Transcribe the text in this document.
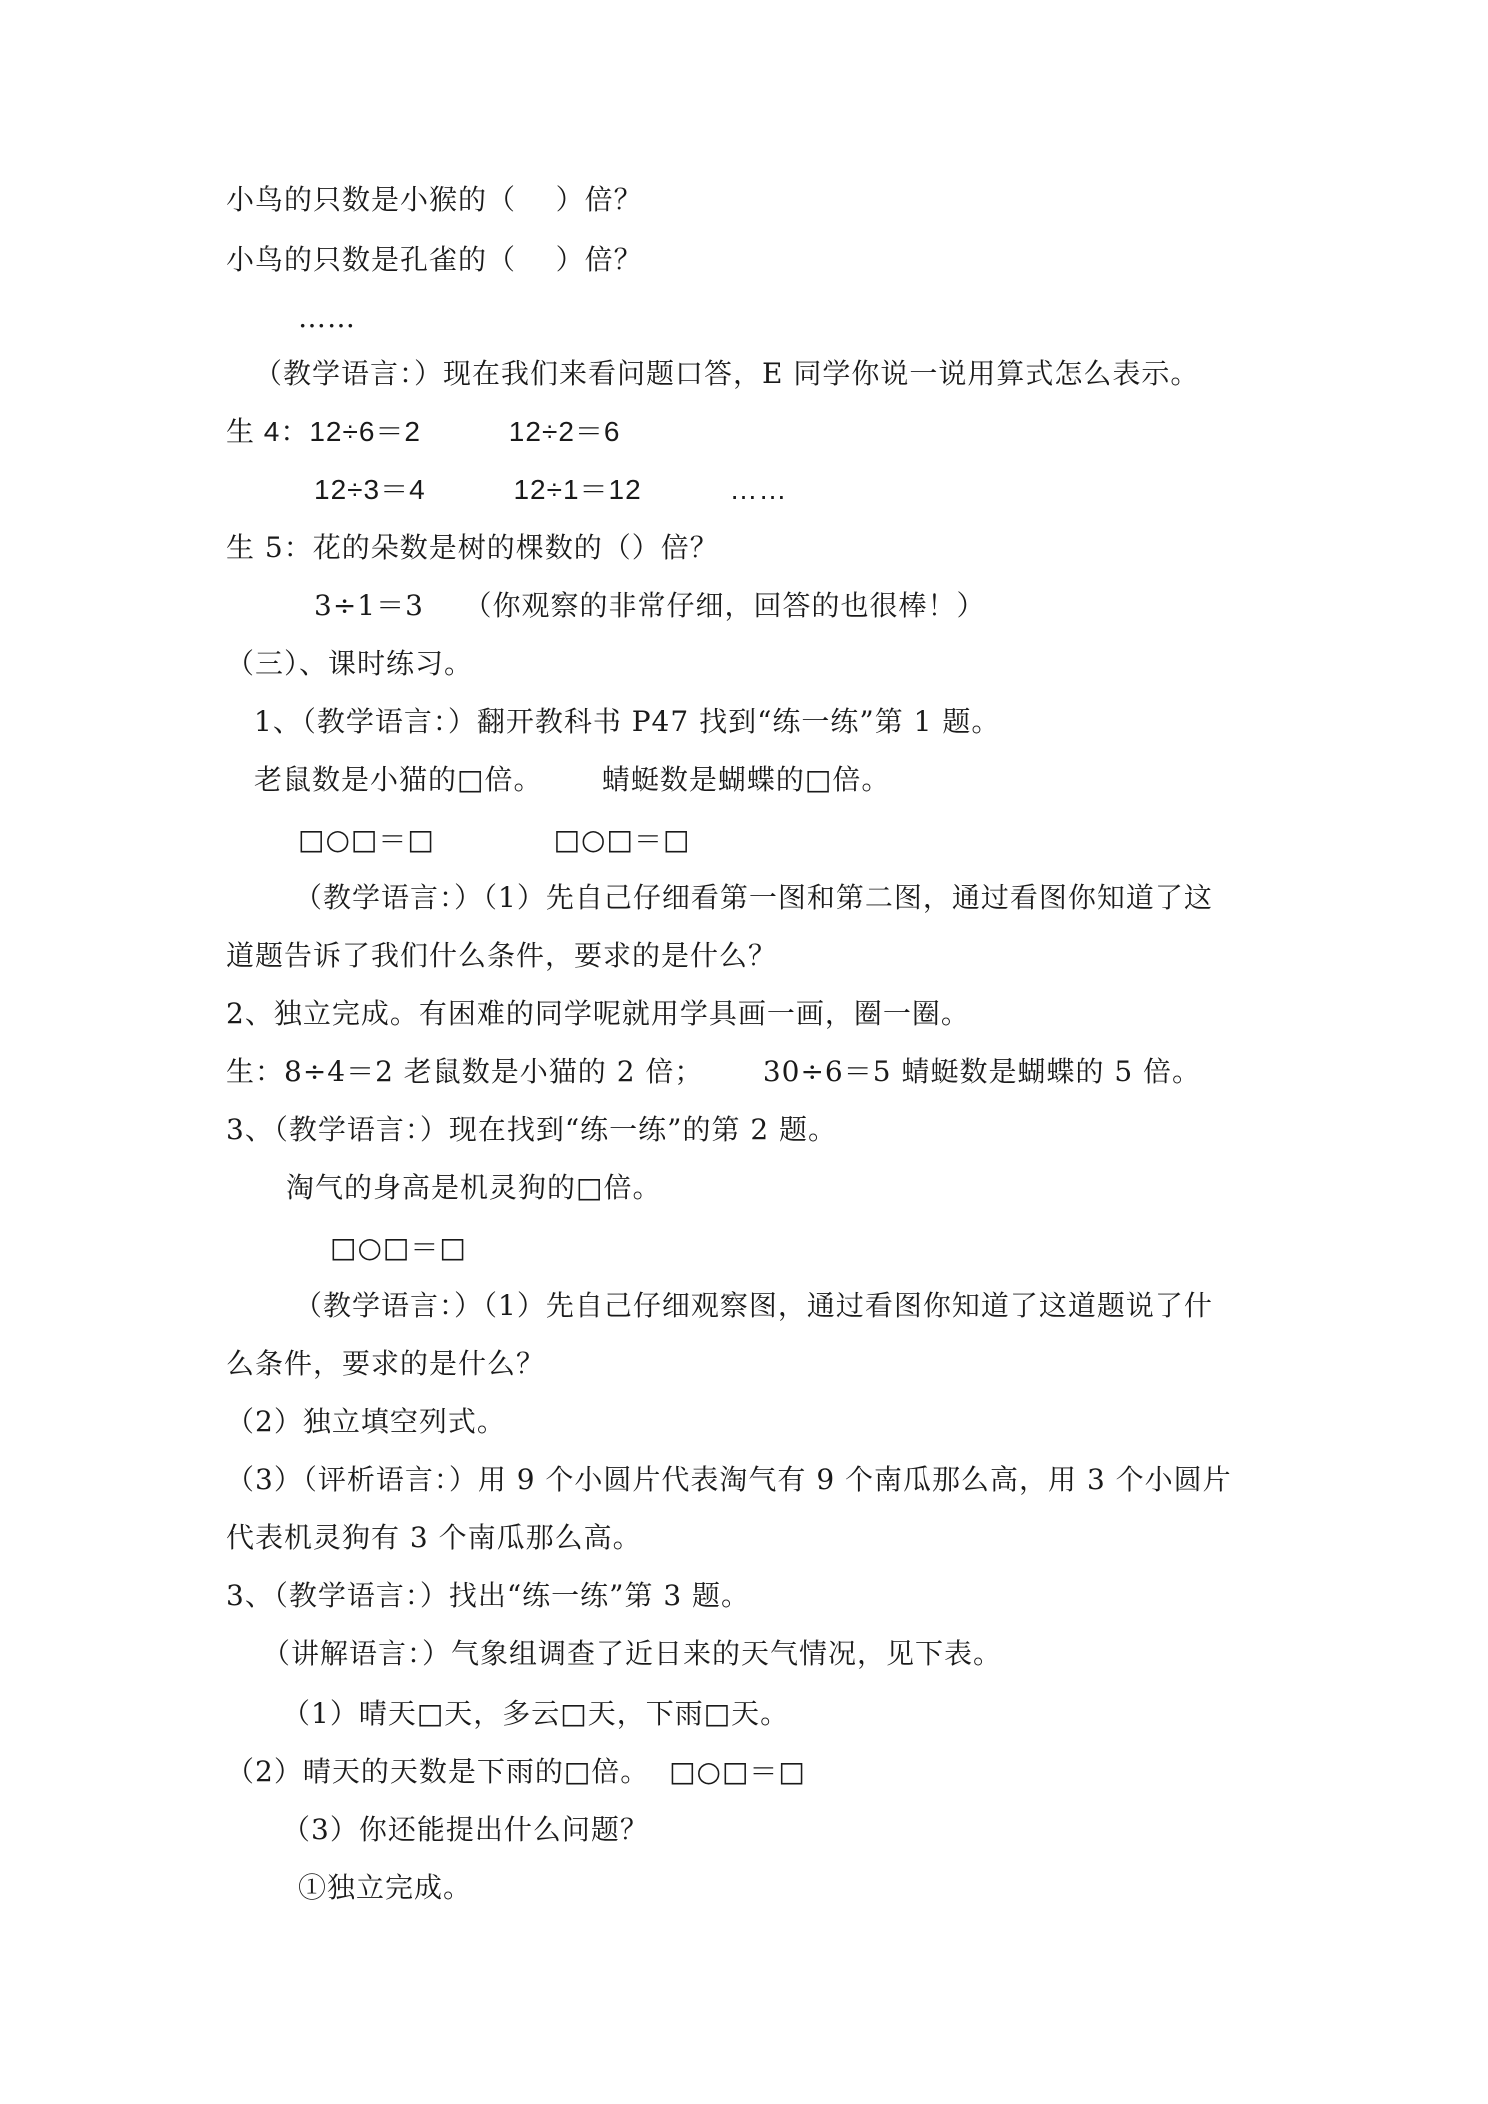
小鸟的只数是小猴的（    ）倍？
小鸟的只数是孔雀的（    ）倍？
……
（教学语言：）现在我们来看问题口答，E 同学你说一说用算式怎么表示。
生 4：12÷6＝2          12÷2＝6
12÷3＝4          12÷1＝12          ……
生 5：花的朵数是树的棵数的（）倍？
3÷1＝3    （你观察的非常仔细，回答的也很棒！）
（三）、课时练习。
1、（教学语言：）翻开教科书 P47 找到“练一练”第 1 题。
老鼠数是小猫的□倍。      蜻蜓数是蝴蝶的□倍。
□○□＝□            □○□＝□
（教学语言：）（1）先自己仔细看第一图和第二图，通过看图你知道了这
道题告诉了我们什么条件，要求的是什么？
2、独立完成。有困难的同学呢就用学具画一画，圈一圈。
生：8÷4＝2 老鼠数是小猫的 2 倍；      30÷6＝5 蜻蜓数是蝴蝶的 5 倍。
3、（教学语言：）现在找到“练一练”的第 2 题。
淘气的身高是机灵狗的□倍。
□○□＝□
（教学语言：）（1）先自己仔细观察图，通过看图你知道了这道题说了什
么条件，要求的是什么？
（2）独立填空列式。
（3）（评析语言：）用 9 个小圆片代表淘气有 9 个南瓜那么高，用 3 个小圆片
代表机灵狗有 3 个南瓜那么高。
3、（教学语言：）找出“练一练”第 3 题。
（讲解语言：）气象组调查了近日来的天气情况，见下表。
（1）晴天□天，多云□天，下雨□天。
（2）晴天的天数是下雨的□倍。  □○□＝□
（3）你还能提出什么问题？
①独立完成。
